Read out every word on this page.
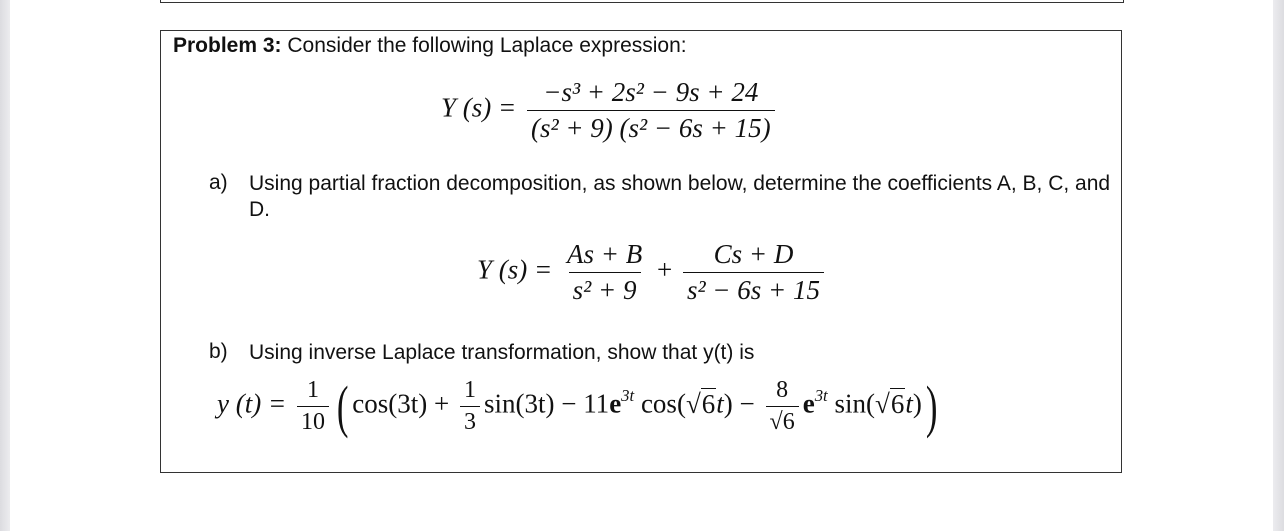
Problem 3: Consider the following Laplace expression:
Y $(s) = \frac{\text{−s³ + 2s² − 9s + 24}}{\text{(s² + 9) (s² − 6s + 15)}}$
a) Using partial fraction decomposition, as shown below, determine the coefficients A, B, C, and D.
Y $(s) = \frac{As + B}{\text{s² + 9}} + \frac{Cs + D}{\text{s² − 6s + 15}}$
b) Using inverse Laplace transformation, show that y(t) is
y $(t) = \frac{1}{10}$ ( $\cos(3t) + \frac{1}{3} \sin(3t) - 11e^{3t}$ $\cos(√6t) - \frac{8}{√6} e^{3t}$ sin(√6t))
